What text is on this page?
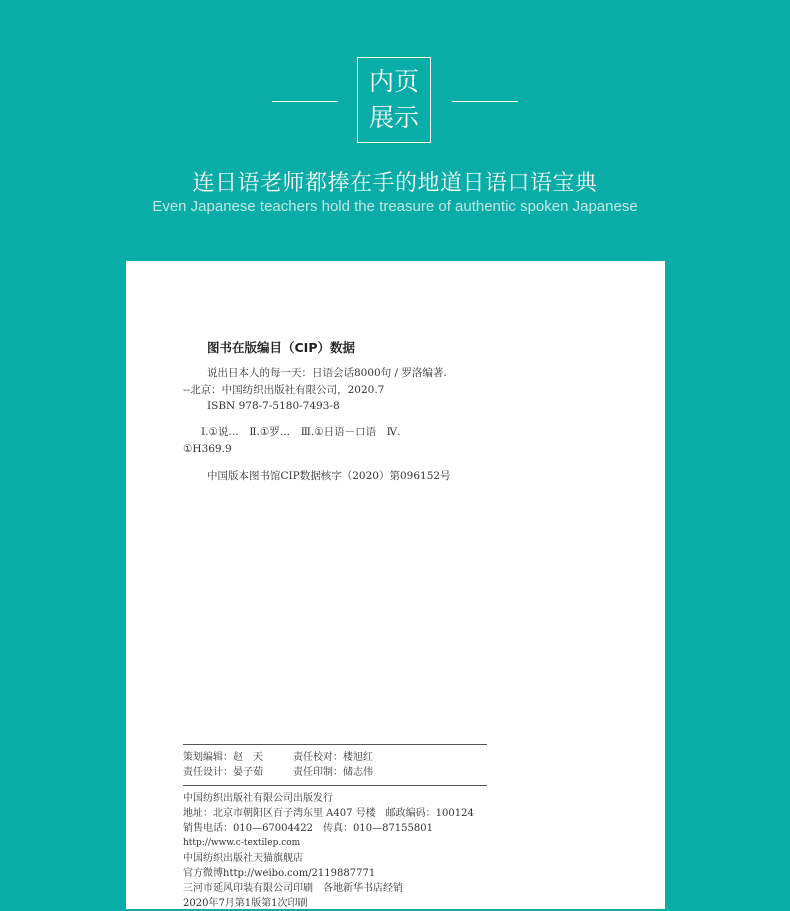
内页
展示
连日语老师都捧在手的地道日语口语宝典
Even Japanese teachers hold the treasure of authentic spoken Japanese
图书在版编目（CIP）数据
说出日本人的每一天：日语会话8000句 / 罗洛编著.
--北京：中国纺织出版社有限公司，2020.7
ISBN 978-7-5180-7493-8
Ⅰ.①说…　Ⅱ.①罗…　Ⅲ.①日语－口语　Ⅳ.
①H369.9
中国版本图书馆CIP数据核字（2020）第096152号
策划编辑：赵　天　　　责任校对：楼旭红
责任设计：晏子茹　　　责任印制：储志伟
中国纺织出版社有限公司出版发行
地址：北京市朝阳区百子湾东里 A407 号楼　邮政编码：100124
销售电话：010—67004422　传真：010—87155801
http://www.c-textilep.com
中国纺织出版社天猫旗舰店
官方微博http://weibo.com/2119887771
三河市延风印装有限公司印刷　各地新华书店经销
2020年7月第1版第1次印刷
